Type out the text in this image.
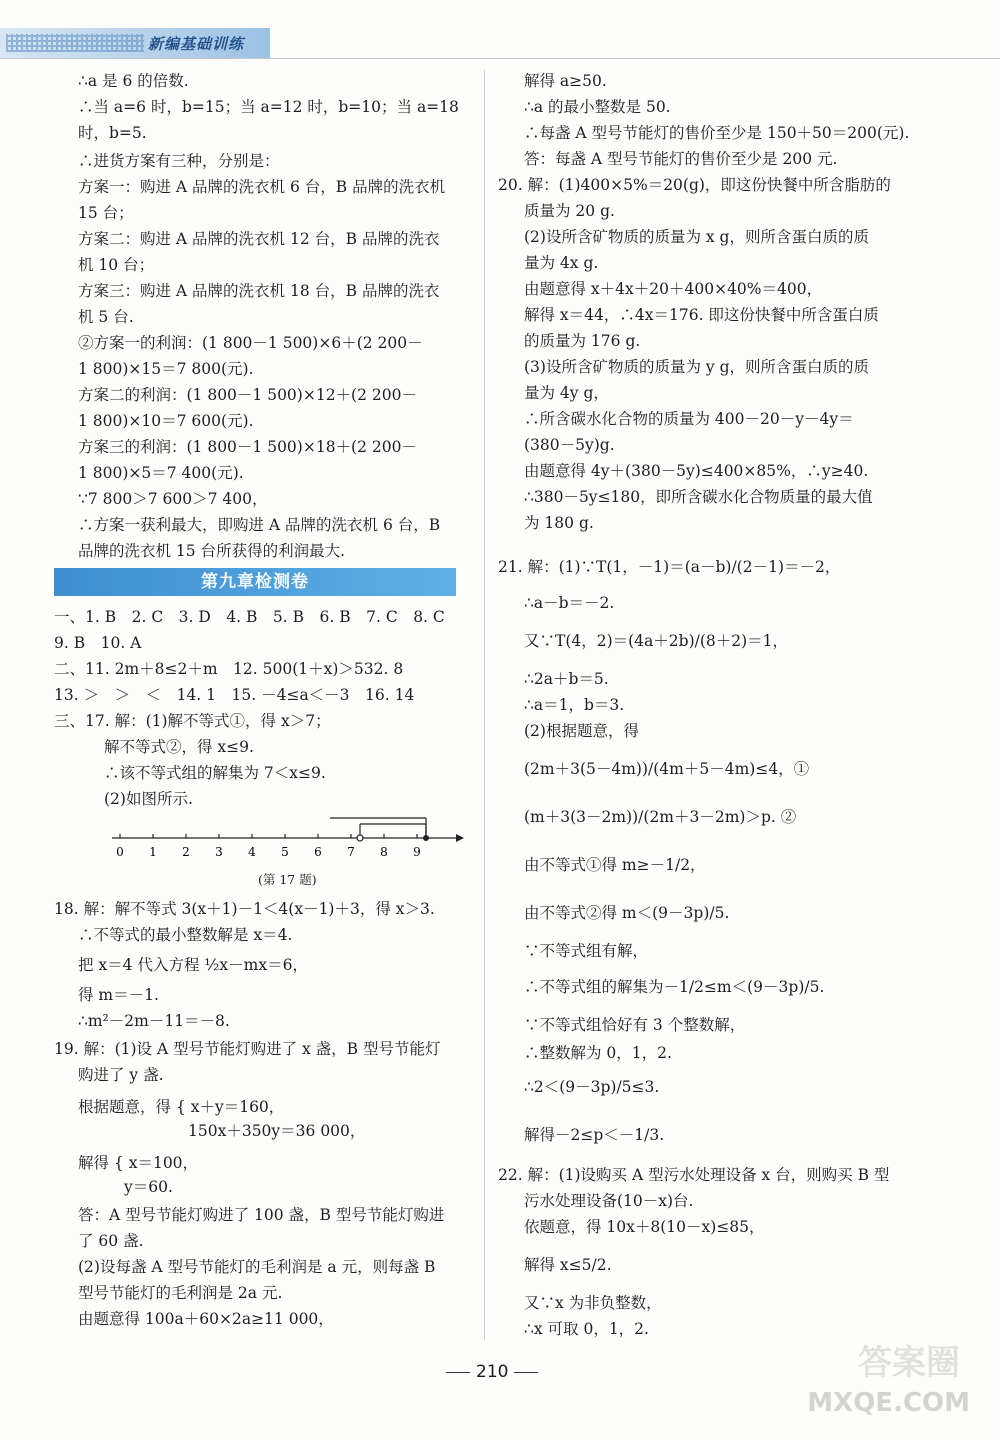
新编基础训练
∴a 是 6 的倍数.
∴当 a=6 时，b=15；当 a=12 时，b=10；当 a=18
时，b=5.
∴进货方案有三种，分别是：
方案一：购进 A 品牌的洗衣机 6 台，B 品牌的洗衣机
15 台；
方案二：购进 A 品牌的洗衣机 12 台，B 品牌的洗衣
机 10 台；
方案三：购进 A 品牌的洗衣机 18 台，B 品牌的洗衣
机 5 台.
②方案一的利润：(1 800－1 500)×6＋(2 200－
1 800)×15＝7 800(元).
方案二的利润：(1 800－1 500)×12＋(2 200－
1 800)×10＝7 600(元).
方案三的利润：(1 800－1 500)×18＋(2 200－
1 800)×5＝7 400(元).
∵7 800＞7 600＞7 400，
∴方案一获利最大，即购进 A 品牌的洗衣机 6 台，B
品牌的洗衣机 15 台所获得的利润最大.
第九章检测卷
一、1. B　2. C　3. D　4. B　5. B　6. B　7. C　8. C
9. B　10. A
二、11. 2m＋8≤2＋m　12. 500(1＋x)＞532. 8
13. ＞　＞　＜　14. 1　15. －4≤a＜－3　16. 14
三、17. 解：(1)解不等式①，得 x＞7；
解不等式②，得 x≤9.
∴该不等式组的解集为 7＜x≤9.
(2)如图所示.
0 1 2 3 4 5 6 7 8 9
(第 17 题)
18. 解：解不等式 3(x＋1)－1＜4(x－1)＋3，得 x＞3.
∴不等式的最小整数解是 x＝4.
把 x＝4 代入方程 ½x－mx＝6，
得 m＝－1.
∴m²－2m－11＝－8.
19. 解：(1)设 A 型号节能灯购进了 x 盏，B 型号节能灯
购进了 y 盏.
根据题意，得 { x＋y＝160，
150x＋350y＝36 000，
解得 { x＝100，
y＝60.
答：A 型号节能灯购进了 100 盏，B 型号节能灯购进
了 60 盏.
(2)设每盏 A 型号节能灯的毛利润是 a 元，则每盏 B
型号节能灯的毛利润是 2a 元.
由题意得 100a＋60×2a≥11 000，
解得 a≥50.
∴a 的最小整数是 50.
∴每盏 A 型号节能灯的售价至少是 150＋50＝200(元).
答：每盏 A 型号节能灯的售价至少是 200 元.
20. 解：(1)400×5%＝20(g)，即这份快餐中所含脂肪的
质量为 20 g.
(2)设所含矿物质的质量为 x g，则所含蛋白质的质
量为 4x g.
由题意得 x＋4x＋20＋400×40%＝400，
解得 x＝44，∴4x＝176. 即这份快餐中所含蛋白质
的质量为 176 g.
(3)设所含矿物质的质量为 y g，则所含蛋白质的质
量为 4y g，
∴所含碳水化合物的质量为 400－20－y－4y＝
(380－5y)g.
由题意得 4y＋(380－5y)≤400×85%，∴y≥40.
∴380－5y≤180，即所含碳水化合物质量的最大值
为 180 g.
21. 解：(1)∵T(1，－1)＝(a－b)/(2－1)＝－2，
∴a－b＝－2.
又∵T(4，2)＝(4a＋2b)/(8＋2)＝1，
∴2a＋b＝5.
∴a＝1，b＝3.
(2)根据题意，得
(2m＋3(5－4m))/(4m＋5－4m)≤4，①
(m＋3(3－2m))/(2m＋3－2m)＞p. ②
由不等式①得 m≥－1/2，
由不等式②得 m＜(9－3p)/5.
∵不等式组有解，
∴不等式组的解集为－1/2≤m＜(9－3p)/5.
∵不等式组恰好有 3 个整数解，
∴整数解为 0，1，2.
∴2＜(9－3p)/5≤3.
解得－2≤p＜－1/3.
22. 解：(1)设购买 A 型污水处理设备 x 台，则购买 B 型
污水处理设备(10－x)台.
依题意，得 10x＋8(10－x)≤85，
解得 x≤5/2.
又∵x 为非负整数，
∴x 可取 0，1，2.
210	答案圈
MXQE.COM
